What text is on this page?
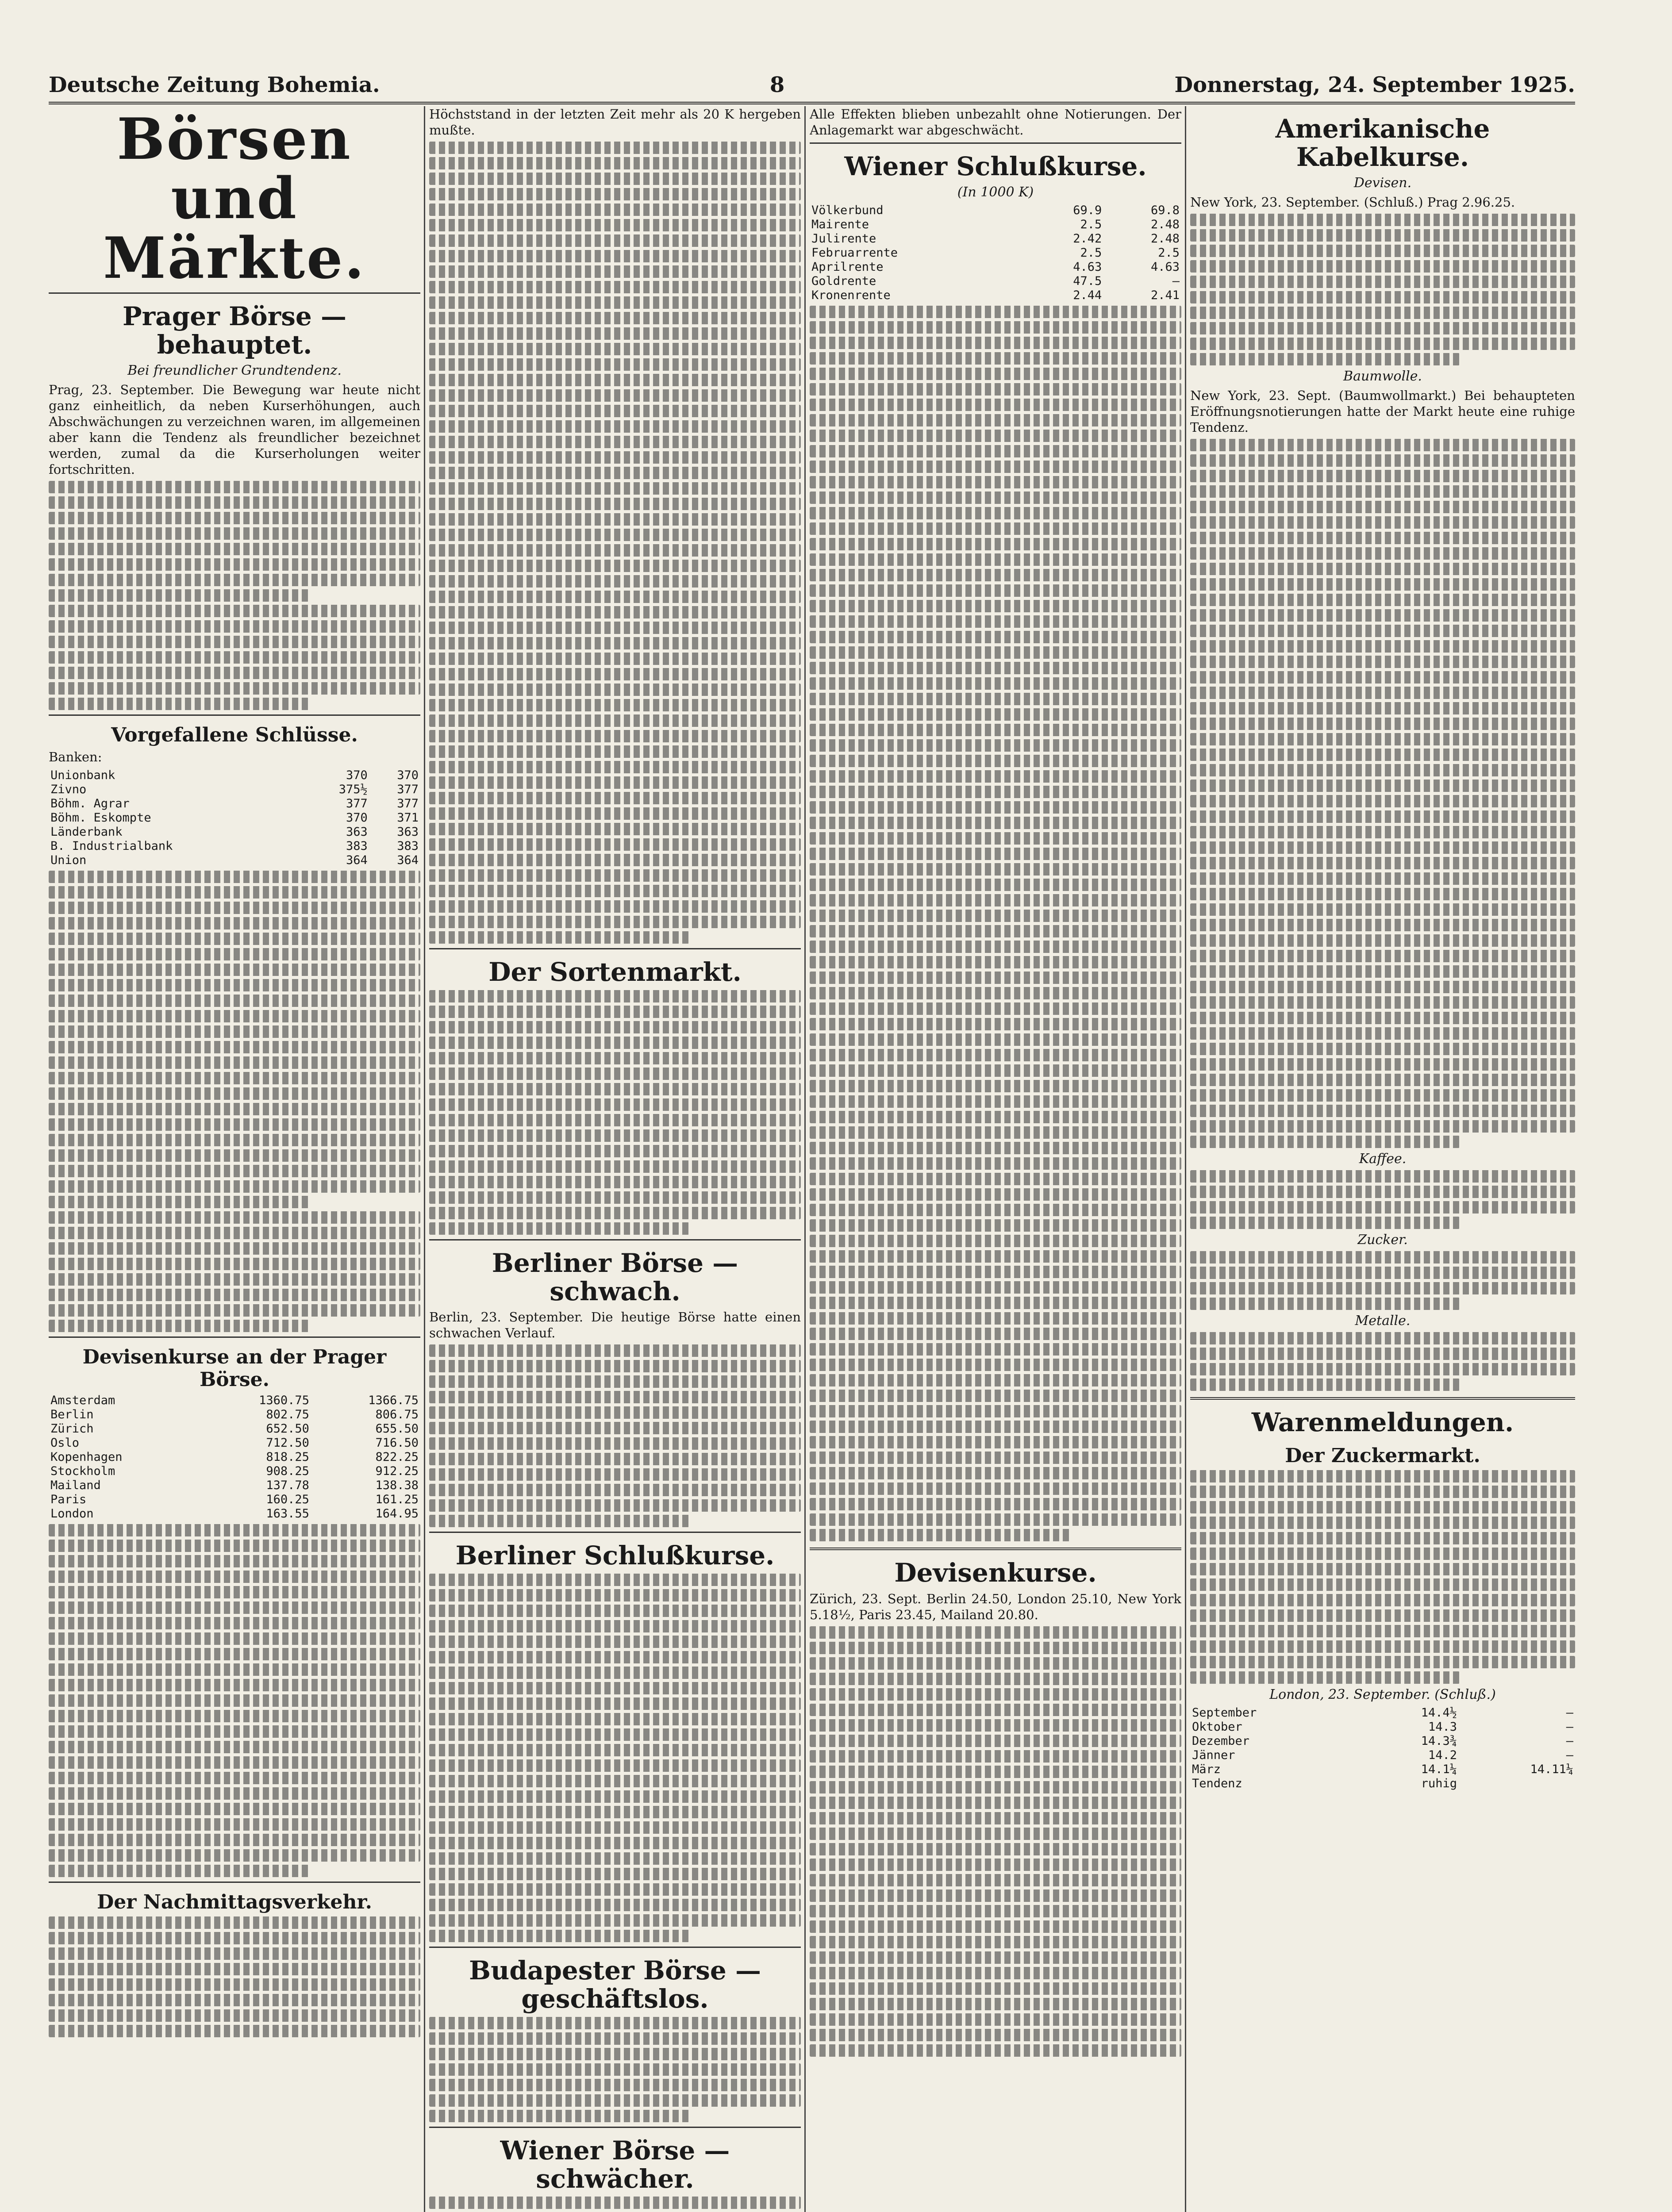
Deutsche Zeitung Bohemia.	8	Donnerstag, 24. September 1925.
Börsen und Märkte.
Prager Börse — behauptet.
Bei freundlicher Grundtendenz.
Prag, 23. September. Die Bewegung war heute nicht ganz einheitlich, da neben Kurserhöhungen, auch Abschwächungen zu verzeichnen waren, im allgemeinen aber kann die Tendenz als freundlicher bezeichnet werden, zumal da die Kurserholungen weiter fortschritten.
Vorgefallene Schlüsse.
Banken:
Unionbank	370	370
Zivno	375½	377
Böhm. Agrar	377	377
Böhm. Eskompte	370	371
Länderbank	363	363
B. Industrialbank	383	383
Union	364	364
Devisenkurse an der Prager Börse.
Amsterdam	1360.75	1366.75
Berlin	802.75	806.75
Zürich	652.50	655.50
Oslo	712.50	716.50
Kopenhagen	818.25	822.25
Stockholm	908.25	912.25
Mailand	137.78	138.38
Paris	160.25	161.25
London	163.55	164.95
Der Nachmittagsverkehr.
Höchststand in der letzten Zeit mehr als 20 K hergeben mußte.
Der Sortenmarkt.
Berliner Börse — schwach.
Berlin, 23. September. Die heutige Börse hatte einen schwachen Verlauf.
Berliner Schlußkurse.
Budapester Börse — geschäftslos.
Wiener Börse — schwächer.
Alle Effekten blieben unbezahlt ohne Notierungen. Der Anlagemarkt war abgeschwächt.
Wiener Schlußkurse.
(In 1000 K)
Völkerbund	69.9	69.8
Mairente	2.5	2.48
Julirente	2.42	2.48
Februarrente	2.5	2.5
Aprilrente	4.63	4.63
Goldrente	47.5	—
Kronenrente	2.44	2.41
Devisenkurse.
Zürich, 23. Sept. Berlin 24.50, London 25.10, New York 5.18½, Paris 23.45, Mailand 20.80.
Amerikanische Kabelkurse.
Devisen.
New York, 23. September. (Schluß.) Prag 2.96.25.
Baumwolle.
New York, 23. Sept. (Baumwollmarkt.) Bei behaupteten Eröffnungsnotierungen hatte der Markt heute eine ruhige Tendenz.
Kaffee.
Zucker.
Metalle.
Warenmeldungen.
Der Zuckermarkt.
London, 23. September. (Schluß.)
September	14.4½	—
Oktober	14.3	—
Dezember	14.3¾	—
Jänner	14.2	—
März	14.1¼	14.11¼
Tendenz	ruhig	
